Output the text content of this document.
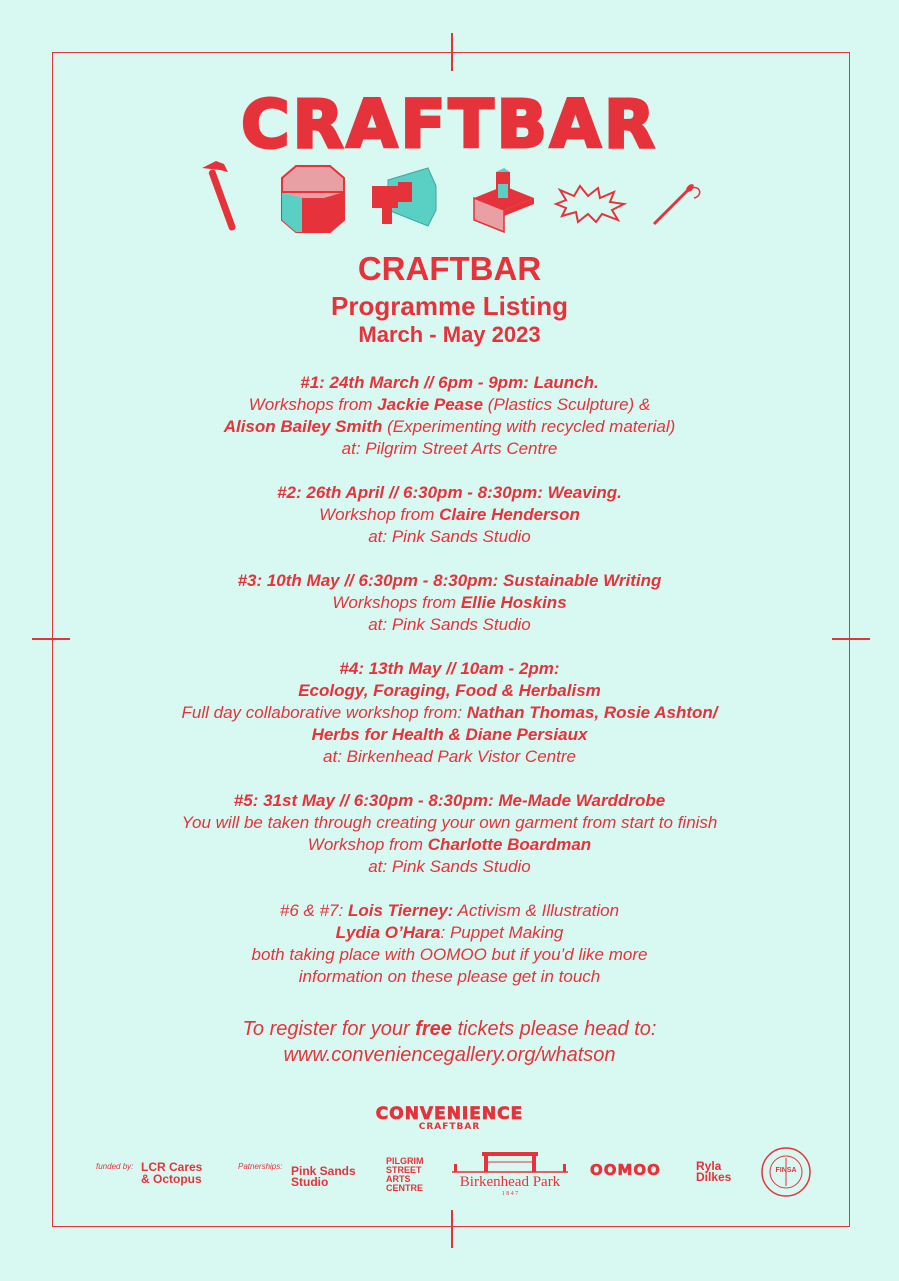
CRAFTBAR
CRAFTBAR
Programme Listing
March - May 2023
#1: 24th March // 6pm - 9pm: Launch.
Workshops from Jackie Pease (Plastics Sculpture) &
Alison Bailey Smith (Experimenting with recycled material)
at: Pilgrim Street Arts Centre
#2: 26th April // 6:30pm - 8:30pm: Weaving.
Workshop from Claire Henderson
at: Pink Sands Studio
#3: 10th May // 6:30pm - 8:30pm: Sustainable Writing
Workshops from Ellie Hoskins
at: Pink Sands Studio
#4: 13th May // 10am - 2pm:
Ecology, Foraging, Food & Herbalism
Full day collaborative workshop from: Nathan Thomas, Rosie Ashton/
Herbs for Health & Diane Persiaux
at: Birkenhead Park Vistor Centre
#5: 31st May // 6:30pm - 8:30pm: Me-Made Warddrobe
You will be taken through creating your own garment from start to finish
Workshop from Charlotte Boardman
at: Pink Sands Studio
#6 & #7: Lois Tierney: Activism & Illustration
Lydia O’Hara: Puppet Making
both taking place with OOMOO but if you’d like more
information on these please get in touch
To register for your free tickets please head to:
www.conveniencegallery.org/whatson
CONVENIENCE
CRAFTBAR
funded by: LCR Cares
& Octopus
Patnerships: Pink Sands
Studio
PILGRIM
STREET
ARTS
CENTRE	Birkenhead Park
1 8 4 7
OOMOO	Ryla
Dilkes	FINSA
